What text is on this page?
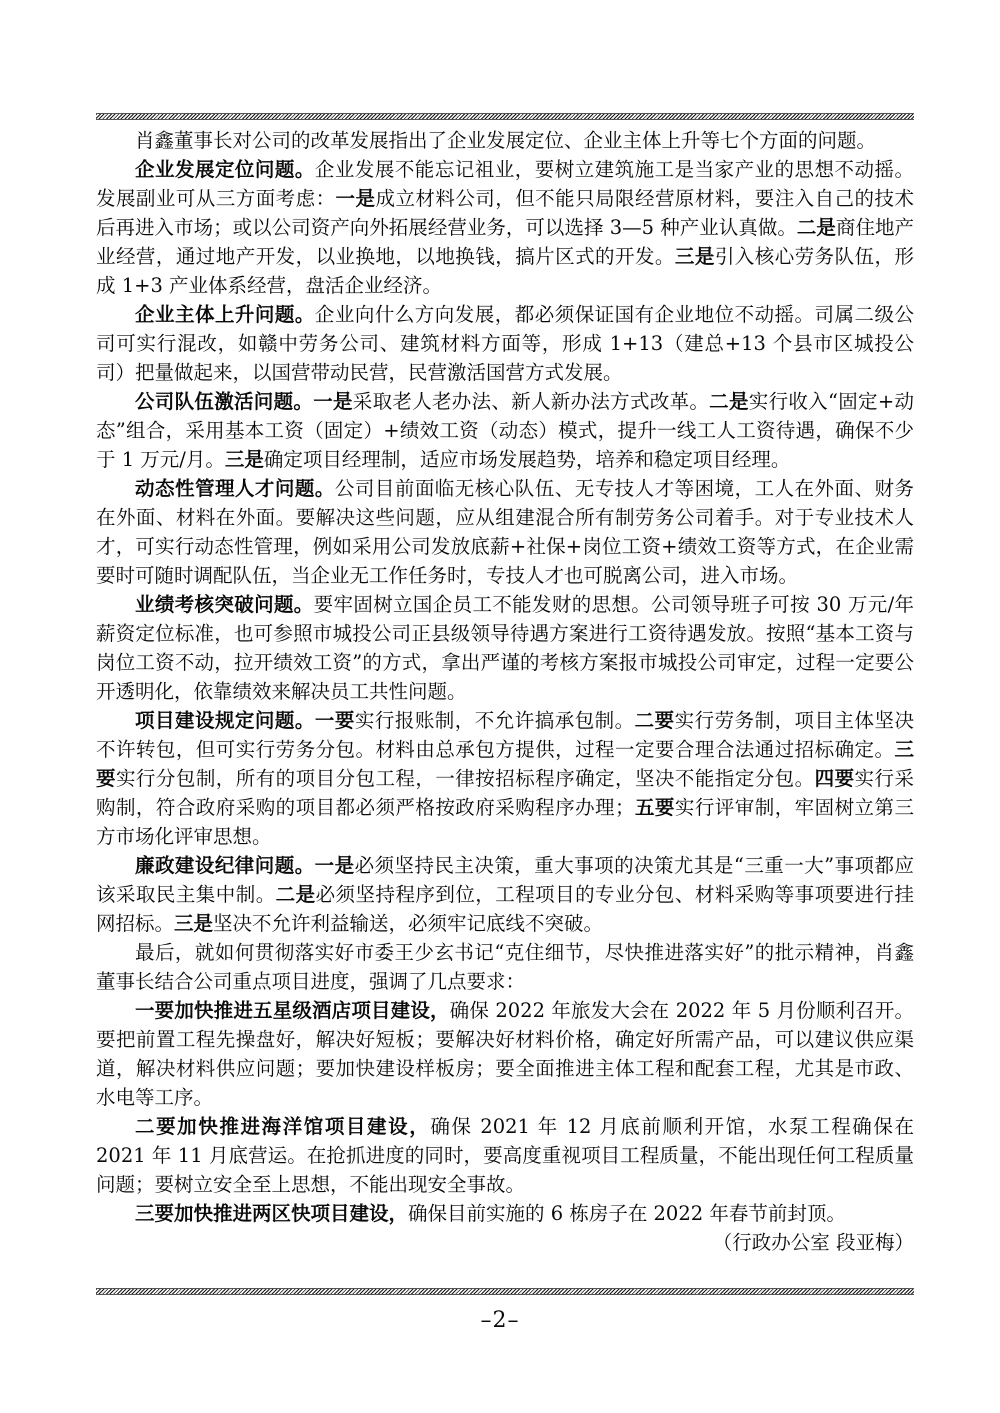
肖鑫董事长对公司的改革发展指出了企业发展定位、企业主体上升等七个方面的问题。

企业发展定位问题。企业发展不能忘记祖业，要树立建筑施工是当家产业的思想不动摇。发展副业可从三方面考虑：一是成立材料公司，但不能只局限经营原材料，要注入自己的技术后再进入市场；或以公司资产向外拓展经营业务，可以选择 3—5 种产业认真做。二是商住地产业经营，通过地产开发，以业换地，以地换钱，搞片区式的开发。三是引入核心劳务队伍，形成 1+3 产业体系经营，盘活企业经济。

企业主体上升问题。企业向什么方向发展，都必须保证国有企业地位不动摇。司属二级公司可实行混改，如赣中劳务公司、建筑材料方面等，形成 1+13（建总+13 个县市区城投公司）把量做起来，以国营带动民营，民营激活国营方式发展。

公司队伍激活问题。一是采取老人老办法、新人新办法方式改革。二是实行收入“固定+动态”组合，采用基本工资（固定）+绩效工资（动态）模式，提升一线工人工资待遇，确保不少于 1 万元/月。三是确定项目经理制，适应市场发展趋势，培养和稳定项目经理。

动态性管理人才问题。公司目前面临无核心队伍、无专技人才等困境，工人在外面、财务在外面、材料在外面。要解决这些问题，应从组建混合所有制劳务公司着手。对于专业技术人才，可实行动态性管理，例如采用公司发放底薪+社保+岗位工资+绩效工资等方式，在企业需要时可随时调配队伍，当企业无工作任务时，专技人才也可脱离公司，进入市场。

业绩考核突破问题。要牢固树立国企员工不能发财的思想。公司领导班子可按 30 万元/年薪资定位标准，也可参照市城投公司正县级领导待遇方案进行工资待遇发放。按照“基本工资与岗位工资不动，拉开绩效工资”的方式，拿出严谨的考核方案报市城投公司审定，过程一定要公开透明化，依靠绩效来解决员工共性问题。

项目建设规定问题。一要实行报账制，不允许搞承包制。二要实行劳务制，项目主体坚决不许转包，但可实行劳务分包。材料由总承包方提供，过程一定要合理合法通过招标确定。三要实行分包制，所有的项目分包工程，一律按招标程序确定，坚决不能指定分包。四要实行采购制，符合政府采购的项目都必须严格按政府采购程序办理；五要实行评审制，牢固树立第三方市场化评审思想。

廉政建设纪律问题。一是必须坚持民主决策，重大事项的决策尤其是“三重一大”事项都应该采取民主集中制。二是必须坚持程序到位，工程项目的专业分包、材料采购等事项要进行挂网招标。三是坚决不允许利益输送，必须牢记底线不突破。

最后，就如何贯彻落实好市委王少玄书记“克住细节，尽快推进落实好”的批示精神，肖鑫董事长结合公司重点项目进度，强调了几点要求：

一要加快推进五星级酒店项目建设，确保 2022 年旅发大会在 2022 年 5 月份顺利召开。要把前置工程先操盘好，解决好短板；要解决好材料价格，确定好所需产品，可以建议供应渠道，解决材料供应问题；要加快建设样板房；要全面推进主体工程和配套工程，尤其是市政、水电等工序。

二要加快推进海洋馆项目建设，确保 2021 年 12 月底前顺利开馆，水泵工程确保在 2021 年 11 月底营运。在抢抓进度的同时，要高度重视项目工程质量，不能出现任何工程质量问题；要树立安全至上思想，不能出现安全事故。

三要加快推进两区快项目建设，确保目前实施的 6 栋房子在 2022 年春节前封顶。

（行政办公室 段亚梅）

–2–
